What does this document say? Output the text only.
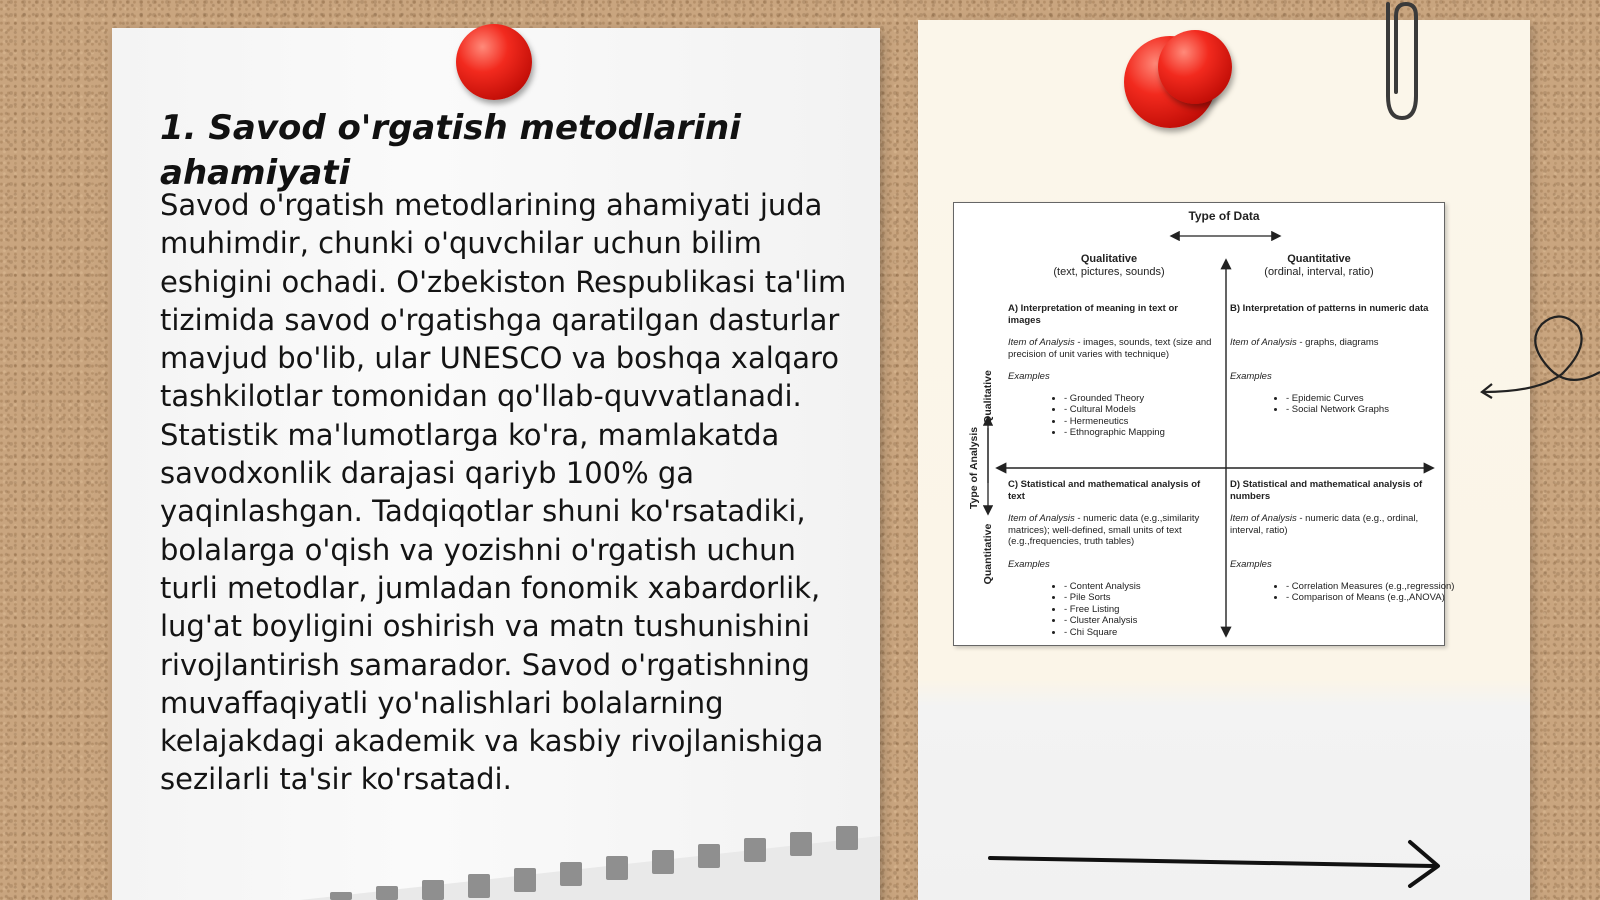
1. Savod o'rgatish metodlarini ahamiyati

Savod o'rgatish metodlarining ahamiyati juda muhimdir, chunki o'quvchilar uchun bilim eshigini ochadi. O'zbekiston Respublikasi ta'lim tizimida savod o'rgatishga qaratilgan dasturlar mavjud bo'lib, ular UNESCO va boshqa xalqaro tashkilotlar tomonidan qo'llab-quvvatlanadi. Statistik ma'lumotlarga ko'ra, mamlakatda savodxonlik darajasi qariyb 100% ga yaqinlashgan. Tadqiqotlar shuni ko'rsatadiki, bolalarga o'qish va yozishni o'rgatish uchun turli metodlar, jumladan fonomik xabardorlik, lug'at boyligini oshirish va matn tushunishini rivojlantirish samarador. Savod o'rgatishning muvaffaqiyatli yo'nalishlari bolalarning kelajakdagi akademik va kasbiy rivojlanishiga sezilarli ta'sir ko'rsatadi.

Type of Data
Qualitative
(text, pictures, sounds)
Quantitative
(ordinal, interval, ratio)
Type of Analysis
Qualitative
Quantitative
A) Interpretation of meaning in text or images
Item of Analysis - images, sounds, text (size and precision of unit varies with technique)
Examples
• - Grounded Theory
• - Cultural Models
• - Hermeneutics
• - Ethnographic Mapping
B) Interpretation of patterns in numeric data
Item of Analysis - graphs, diagrams
Examples
• - Epidemic Curves
• - Social Network Graphs
C) Statistical and mathematical analysis of text
Item of Analysis - numeric data (e.g.,similarity matrices); well-defined, small units of text (e.g.,frequencies, truth tables)
Examples
• - Content Analysis
• - Pile Sorts
• - Free Listing
• - Cluster Analysis
• - Chi Square
D) Statistical and mathematical analysis of numbers
Item of Analysis - numeric data (e.g., ordinal, interval, ratio)
Examples
• - Correlation Measures (e.g.,regression)
• - Comparison of Means (e.g.,ANOVA)
